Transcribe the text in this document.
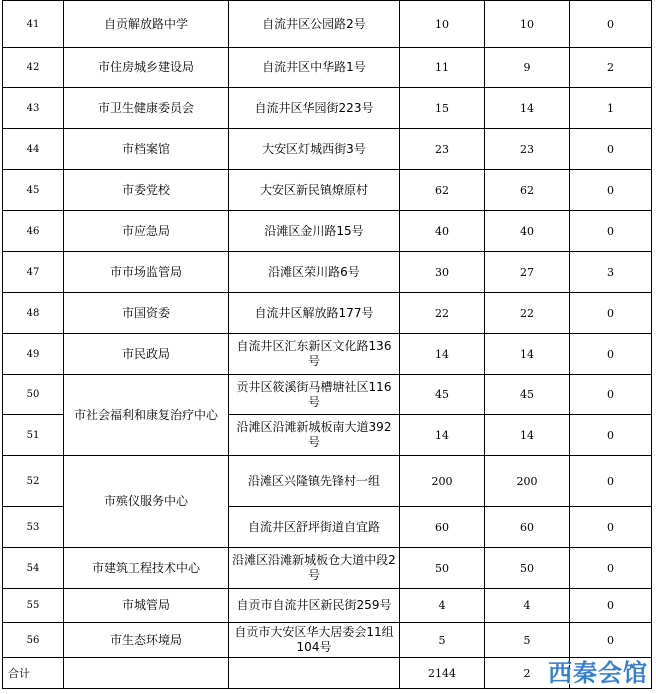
41	自贡解放路中学	自流井区公园路2号	10	10	0
42	市住房城乡建设局	自流井区中华路1号	11	9	2
43	市卫生健康委员会	自流井区华园街223号	15	14	1
44	市档案馆	大安区灯城西街3号	23	23	0
45	市委党校	大安区新民镇燎原村	62	62	0
46	市应急局	沿滩区金川路15号	40	40	0
47	市市场监管局	沿滩区荣川路6号	30	27	3
48	市国资委	自流井区解放路177号	22	22	0
49	市民政局	自流井区汇东新区文化路136号	14	14	0
50	市社会福利和康复治疗中心	贡井区筱溪街马槽塘社区116号	45	45	0
51		沿滩区沿滩新城板南大道392号	14	14	0
52	市殡仪服务中心	沿滩区兴隆镇先锋村一组	200	200	0
53		自流井区舒坪街道自宜路	60	60	0
54	市建筑工程技术中心	沿滩区沿滩新城板仓大道中段2号	50	50	0
55	市城管局	自贡市自流井区新民街259号	4	4	0
56	市生态环境局	自贡市大安区华大居委会11组104号	5	5	0
合计			2144	2	西秦会馆
